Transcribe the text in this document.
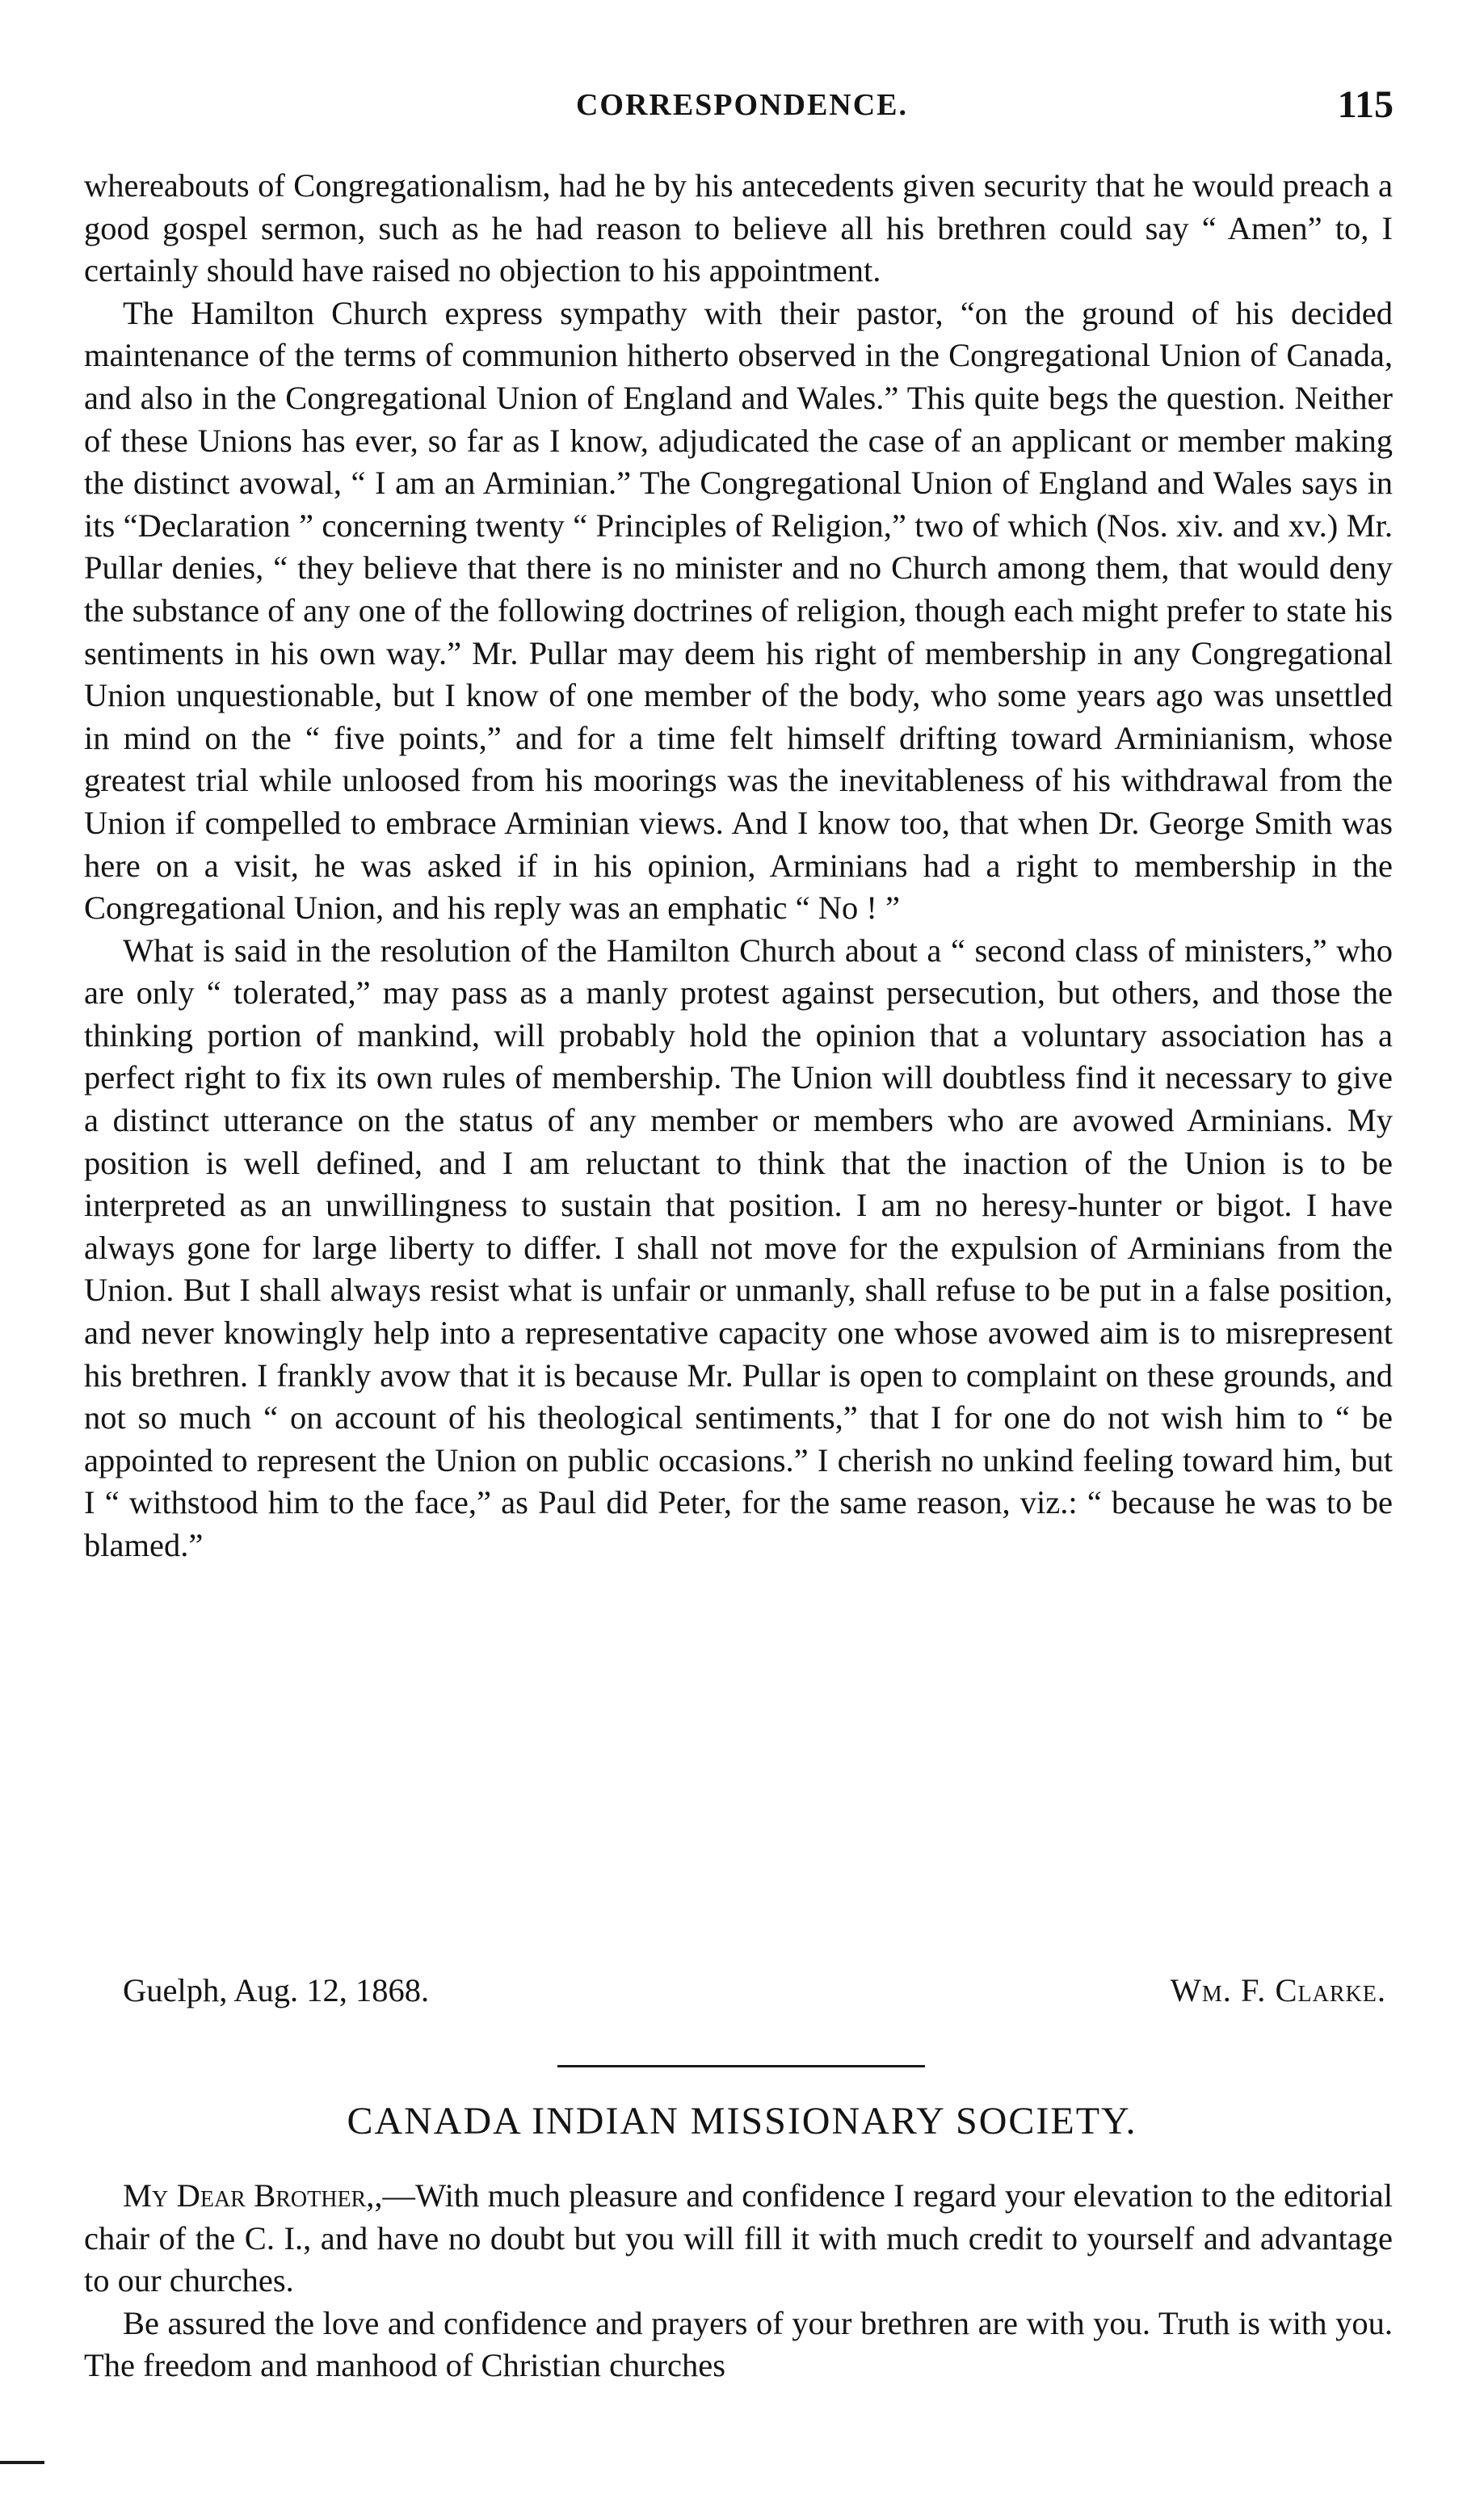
CORRESPONDENCE.	115

whereabouts of Congregationalism, had he by his antecedents given security that he would preach a good gospel sermon, such as he had reason to believe all his brethren could say “ Amen” to, I certainly should have raised no objection to his appointment.

The Hamilton Church express sympathy with their pastor, “on the ground of his decided maintenance of the terms of communion hitherto observed in the Congregational Union of Canada, and also in the Congregational Union of England and Wales.” This quite begs the question. Neither of these Unions has ever, so far as I know, adjudicated the case of an applicant or member making the distinct avowal, “ I am an Arminian.” The Congregational Union of England and Wales says in its “Declaration ” concerning twenty “ Principles of Religion,” two of which (Nos. xiv. and xv.) Mr. Pullar denies, “ they believe that there is no minister and no Church among them, that would deny the substance of any one of the following doctrines of religion, though each might prefer to state his sentiments in his own way.” Mr. Pullar may deem his right of membership in any Congregational Union unquestionable, but I know of one member of the body, who some years ago was unsettled in mind on the “ five points,” and for a time felt himself drifting toward Arminianism, whose greatest trial while unloosed from his moorings was the inevitableness of his withdrawal from the Union if compelled to embrace Arminian views. And I know too, that when Dr. George Smith was here on a visit, he was asked if in his opinion, Arminians had a right to membership in the Congregational Union, and his reply was an emphatic “ No ! ”

What is said in the resolution of the Hamilton Church about a “ second class of ministers,” who are only “ tolerated,” may pass as a manly protest against persecution, but others, and those the thinking portion of mankind, will probably hold the opinion that a voluntary association has a perfect right to fix its own rules of membership. The Union will doubtless find it necessary to give a distinct utterance on the status of any member or members who are avowed Arminians. My position is well defined, and I am reluctant to think that the inaction of the Union is to be interpreted as an unwillingness to sustain that position. I am no heresy-hunter or bigot. I have always gone for large liberty to differ. I shall not move for the expulsion of Arminians from the Union. But I shall always resist what is unfair or unmanly, shall refuse to be put in a false position, and never knowingly help into a representative capacity one whose avowed aim is to misrepresent his brethren. I frankly avow that it is because Mr. Pullar is open to complaint on these grounds, and not so much “ on account of his theological sentiments,” that I for one do not wish him to “ be appointed to represent the Union on public occasions.” I cherish no unkind feeling toward him, but I “ withstood him to the face,” as Paul did Peter, for the same reason, viz.: “ because he was to be blamed.”

Guelph, Aug. 12, 1868.	Wm. F. Clarke.
CANADA INDIAN MISSIONARY SOCIETY.

My Dear Brother,,—With much pleasure and confidence I regard your elevation to the editorial chair of the C. I., and have no doubt but you will fill it with much credit to yourself and advantage to our churches.

Be assured the love and confidence and prayers of your brethren are with you. Truth is with you. The freedom and manhood of Christian churches
